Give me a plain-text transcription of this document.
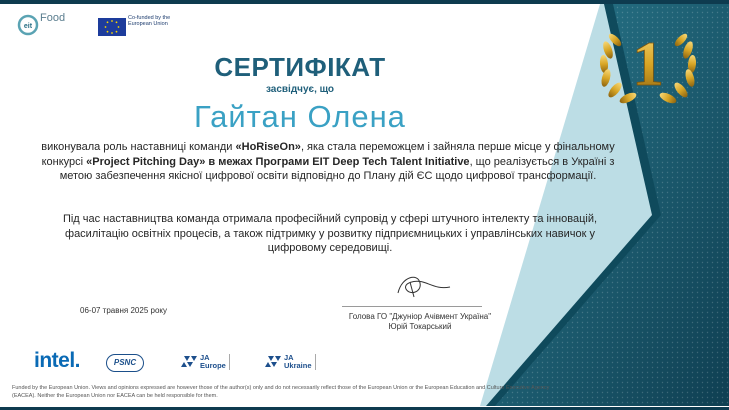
1
eit
Food	Co-funded by the European Union
СЕРТИФІКАТ
засвідчує, що
Гайтан Олена
виконувала роль наставниці команди «HoRiseOn», яка стала переможцем і зайняла перше місце у фінальному конкурсі «Project Pitching Day» в межах Програми EIT Deep Tech Talent Initiative, що реалізується в Україні з метою забезпечення якісної цифрової освіти відповідно до Плану дій ЄС щодо цифрової трансформації.
Під час наставництва команда отримала професійний супровід у сфері штучного інтелекту та інновацій, фасилітацію освітніх процесів, а також підтримку у розвитку підприємницьких і управлінських навичок у цифровому середовищі.
06-07 травня 2025 року
Голова ГО "Джуніор Ачівмент Україна"
Юрій Токарський
intel.	PSNC
JA
Europe
JA
Ukraine
Funded by the European Union. Views and opinions expressed are however those of the author(s) only and do not necessarily reflect those of the European Union or the European Education and Culture Executive Agency (EACEA). Neither the European Union nor EACEA can be held responsible for them.
